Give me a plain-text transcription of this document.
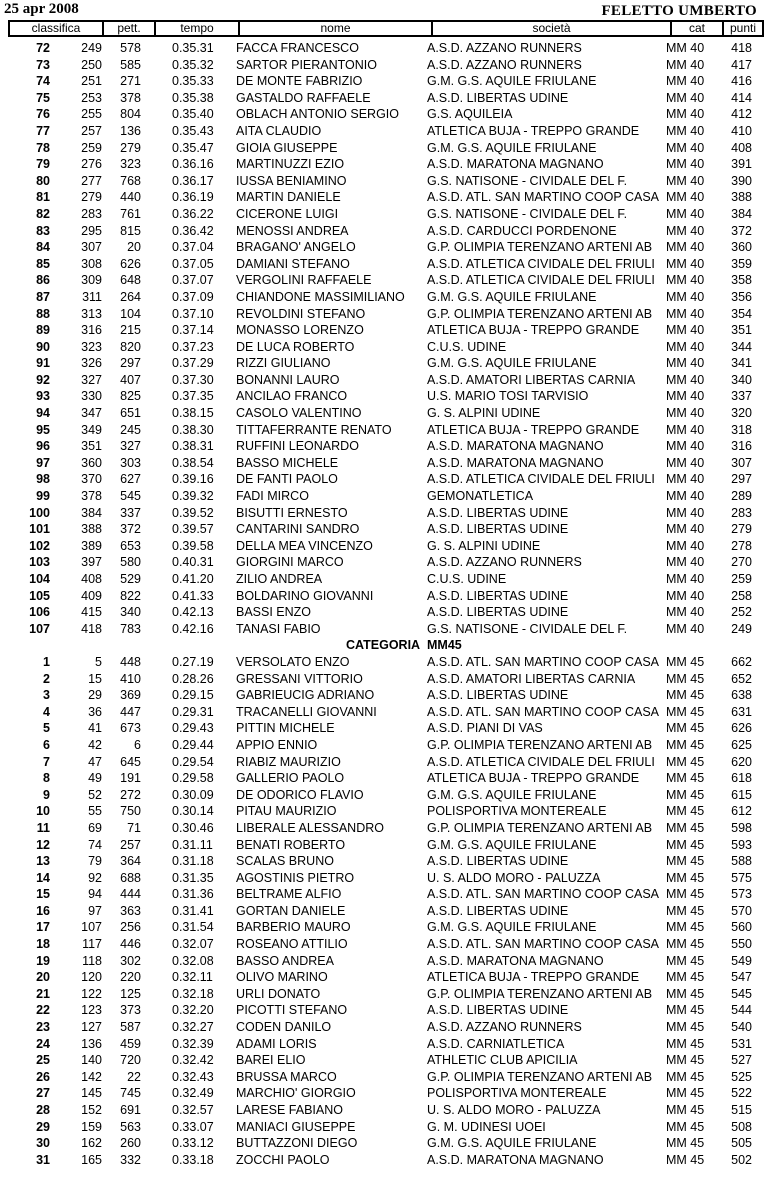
25 apr 2008	FELETTO UMBERTO
classifica	pett.	tempo	nome	società	cat	punti
72	249	578 0.35.31	FACCA FRANCESCO	A.S.D. AZZANO RUNNERS	MM 40	418
73	250	585 0.35.32	SARTOR PIERANTONIO	A.S.D. AZZANO RUNNERS	MM 40	417
74	251	271 0.35.33	DE MONTE FABRIZIO	G.M. G.S. AQUILE FRIULANE	MM 40	416
75	253	378 0.35.38	GASTALDO RAFFAELE	A.S.D. LIBERTAS UDINE	MM 40	414
76	255	804 0.35.40	OBLACH ANTONIO SERGIO	G.S. AQUILEIA	MM 40	412
77	257	136 0.35.43	AITA CLAUDIO	ATLETICA BUJA - TREPPO GRANDE	MM 40	410
78	259	279 0.35.47	GIOIA GIUSEPPE	G.M. G.S. AQUILE FRIULANE	MM 40	408
79	276	323 0.36.16	MARTINUZZI EZIO	A.S.D. MARATONA MAGNANO	MM 40	391
80	277	768 0.36.17	IUSSA BENIAMINO	G.S. NATISONE - CIVIDALE DEL F.	MM 40	390
81	279	440 0.36.19	MARTIN DANIELE	A.S.D. ATL. SAN MARTINO COOP CASA MM 40	388
82	283	761 0.36.22	CICERONE LUIGI	G.S. NATISONE - CIVIDALE DEL F.	MM 40	384
83	295	815 0.36.42	MENOSSI ANDREA	A.S.D. CARDUCCI PORDENONE	MM 40	372
84	307	20 0.37.04	BRAGANO' ANGELO	G.P. OLIMPIA TERENZANO ARTENI AB	MM 40	360
85	308	626 0.37.05	DAMIANI STEFANO	A.S.D. ATLETICA CIVIDALE DEL FRIULI MM 40	359
86	309	648 0.37.07	VERGOLINI RAFFAELE	A.S.D. ATLETICA CIVIDALE DEL FRIULI MM 40	358
87	311	264 0.37.09	CHIANDONE MASSIMILIANO	G.M. G.S. AQUILE FRIULANE	MM 40	356
88	313	104 0.37.10	REVOLDINI STEFANO	G.P. OLIMPIA TERENZANO ARTENI AB	MM 40	354
89	316	215 0.37.14	MONASSO LORENZO	ATLETICA BUJA - TREPPO GRANDE	MM 40	351
90	323	820 0.37.23	DE LUCA ROBERTO	C.U.S. UDINE	MM 40	344
91	326	297 0.37.29	RIZZI GIULIANO	G.M. G.S. AQUILE FRIULANE	MM 40	341
92	327	407 0.37.30	BONANNI LAURO	A.S.D. AMATORI LIBERTAS CARNIA	MM 40	340
93	330	825 0.37.35	ANCILAO FRANCO	U.S. MARIO TOSI TARVISIO	MM 40	337
94	347	651 0.38.15	CASOLO VALENTINO	G. S. ALPINI UDINE	MM 40	320
95	349	245 0.38.30	TITTAFERRANTE RENATO	ATLETICA BUJA - TREPPO GRANDE	MM 40	318
96	351	327 0.38.31	RUFFINI LEONARDO	A.S.D. MARATONA MAGNANO	MM 40	316
97	360	303 0.38.54	BASSO MICHELE	A.S.D. MARATONA MAGNANO	MM 40	307
98	370	627 0.39.16	DE FANTI PAOLO	A.S.D. ATLETICA CIVIDALE DEL FRIULI MM 40	297
99	378	545 0.39.32	FADI MIRCO	GEMONATLETICA	MM 40	289
100	384	337 0.39.52	BISUTTI ERNESTO	A.S.D. LIBERTAS UDINE	MM 40	283
101	388	372 0.39.57	CANTARINI SANDRO	A.S.D. LIBERTAS UDINE	MM 40	279
102	389	653 0.39.58	DELLA MEA VINCENZO	G. S. ALPINI UDINE	MM 40	278
103	397	580 0.40.31	GIORGINI MARCO	A.S.D. AZZANO RUNNERS	MM 40	270
104	408	529 0.41.20	ZILIO ANDREA	C.U.S. UDINE	MM 40	259
105	409	822 0.41.33	BOLDARINO GIOVANNI	A.S.D. LIBERTAS UDINE	MM 40	258
106	415	340 0.42.13	BASSI ENZO	A.S.D. LIBERTAS UDINE	MM 40	252
107	418	783 0.42.16	TANASI FABIO	G.S. NATISONE - CIVIDALE DEL F.	MM 40	249
CATEGORIA MM45
1	5	448 0.27.19	VERSOLATO ENZO	A.S.D. ATL. SAN MARTINO COOP CASA MM 45	662
2	15	410 0.28.26	GRESSANI VITTORIO	A.S.D. AMATORI LIBERTAS CARNIA	MM 45	652
3	29	369 0.29.15	GABRIEUCIG ADRIANO	A.S.D. LIBERTAS UDINE	MM 45	638
4	36	447 0.29.31	TRACANELLI GIOVANNI	A.S.D. ATL. SAN MARTINO COOP CASA MM 45	631
5	41	673 0.29.43	PITTIN MICHELE	A.S.D. PIANI DI VAS	MM 45	626
6	42	6 0.29.44	APPIO ENNIO	G.P. OLIMPIA TERENZANO ARTENI AB	MM 45	625
7	47	645 0.29.54	RIABIZ MAURIZIO	A.S.D. ATLETICA CIVIDALE DEL FRIULI MM 45	620
8	49	191 0.29.58	GALLERIO PAOLO	ATLETICA BUJA - TREPPO GRANDE	MM 45	618
9	52	272 0.30.09	DE ODORICO FLAVIO	G.M. G.S. AQUILE FRIULANE	MM 45	615
10	55	750 0.30.14	PITAU MAURIZIO	POLISPORTIVA MONTEREALE	MM 45	612
11	69	71 0.30.46	LIBERALE ALESSANDRO	G.P. OLIMPIA TERENZANO ARTENI AB	MM 45	598
12	74	257 0.31.11	BENATI ROBERTO	G.M. G.S. AQUILE FRIULANE	MM 45	593
13	79	364 0.31.18	SCALAS BRUNO	A.S.D. LIBERTAS UDINE	MM 45	588
14	92	688 0.31.35	AGOSTINIS PIETRO	U. S. ALDO MORO - PALUZZA	MM 45	575
15	94	444 0.31.36	BELTRAME ALFIO	A.S.D. ATL. SAN MARTINO COOP CASA MM 45	573
16	97	363 0.31.41	GORTAN DANIELE	A.S.D. LIBERTAS UDINE	MM 45	570
17	107	256 0.31.54	BARBERIO MAURO	G.M. G.S. AQUILE FRIULANE	MM 45	560
18	117	446 0.32.07	ROSEANO ATTILIO	A.S.D. ATL. SAN MARTINO COOP CASA MM 45	550
19	118	302 0.32.08	BASSO ANDREA	A.S.D. MARATONA MAGNANO	MM 45	549
20	120	220 0.32.11	OLIVO MARINO	ATLETICA BUJA - TREPPO GRANDE	MM 45	547
21	122	125 0.32.18	URLI DONATO	G.P. OLIMPIA TERENZANO ARTENI AB	MM 45	545
22	123	373 0.32.20	PICOTTI STEFANO	A.S.D. LIBERTAS UDINE	MM 45	544
23	127	587 0.32.27	CODEN DANILO	A.S.D. AZZANO RUNNERS	MM 45	540
24	136	459 0.32.39	ADAMI LORIS	A.S.D. CARNIATLETICA	MM 45	531
25	140	720 0.32.42	BAREI ELIO	ATHLETIC CLUB APICILIA	MM 45	527
26	142	22 0.32.43	BRUSSA MARCO	G.P. OLIMPIA TERENZANO ARTENI AB	MM 45	525
27	145	745 0.32.49	MARCHIO' GIORGIO	POLISPORTIVA MONTEREALE	MM 45	522
28	152	691 0.32.57	LARESE FABIANO	U. S. ALDO MORO - PALUZZA	MM 45	515
29	159	563 0.33.07	MANIACI GIUSEPPE	G. M. UDINESI UOEI	MM 45	508
30	162	260 0.33.12	BUTTAZZONI DIEGO	G.M. G.S. AQUILE FRIULANE	MM 45	505
31	165	332 0.33.18	ZOCCHI PAOLO	A.S.D. MARATONA MAGNANO	MM 45	502
